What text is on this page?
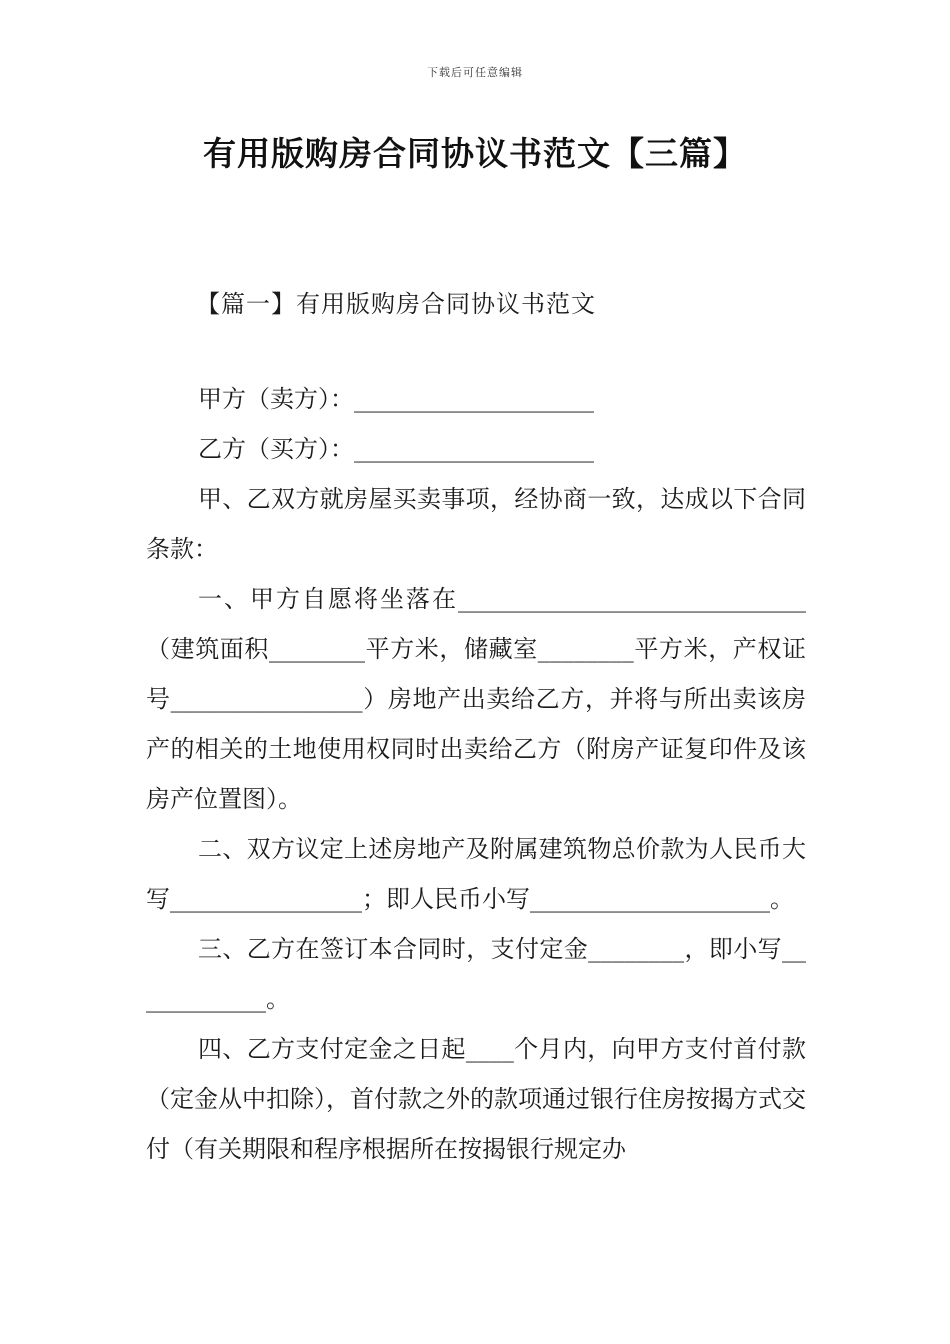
下载后可任意编辑
有用版购房合同协议书范文【三篇】
【篇一】有用版购房合同协议书范文

甲方（卖方）：____________________

乙方（买方）：____________________

甲、乙双方就房屋买卖事项，经协商一致，达成以下合同条款：

一、甲方自愿将坐落在_____________________________（建筑面积________平方米，储藏室________平方米，产权证号________________）房地产出卖给乙方，并将与所出卖该房产的相关的土地使用权同时出卖给乙方（附房产证复印件及该房产位置图）。

二、双方议定上述房地产及附属建筑物总价款为人民币大写________________；即人民币小写____________________。

三、乙方在签订本合同时，支付定金________，即小写____________。

四、乙方支付定金之日起____个月内，向甲方支付首付款（定金从中扣除），首付款之外的款项通过银行住房按揭方式交付（有关期限和程序根据所在按揭银行规定办
